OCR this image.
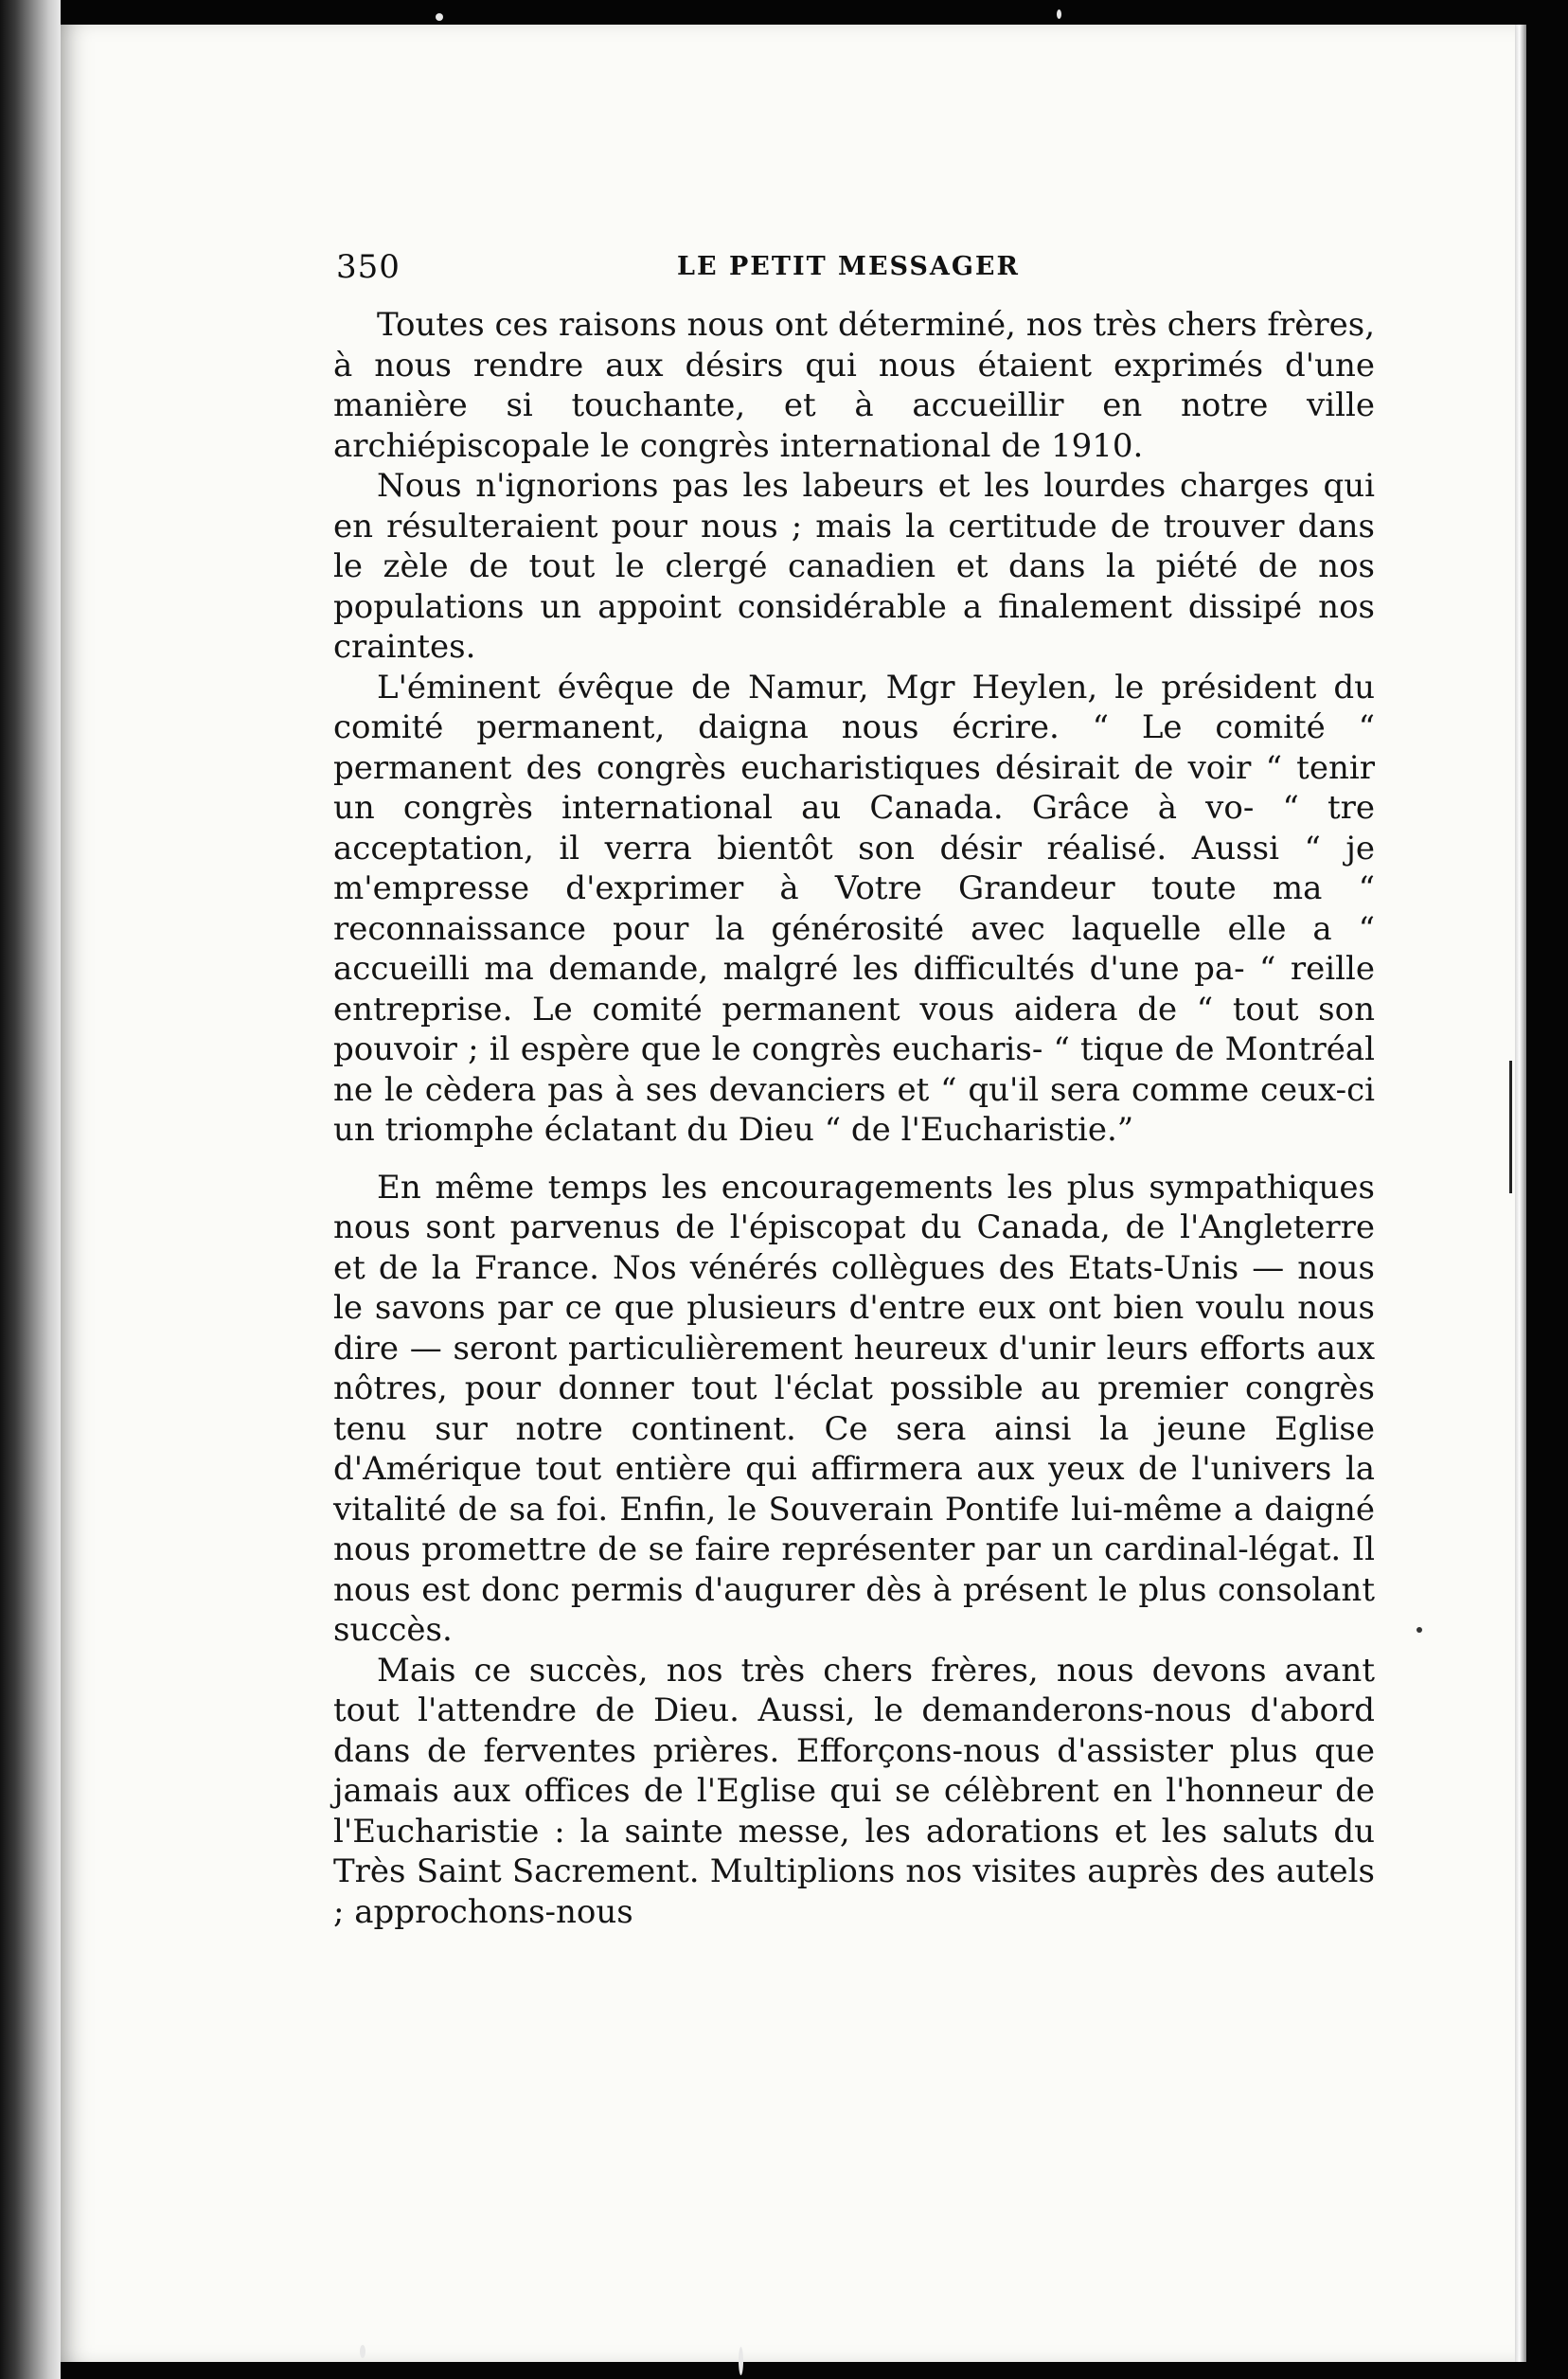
350	LE PETIT MESSAGER

Toutes ces raisons nous ont déterminé, nos très chers frères, à nous rendre aux désirs qui nous étaient exprimés d'une manière si touchante, et à accueillir en notre ville archiépiscopale le congrès international de 1910.

Nous n'ignorions pas les labeurs et les lourdes charges qui en résulteraient pour nous ; mais la certitude de trouver dans le zèle de tout le clergé canadien et dans la piété de nos populations un appoint considérable a finalement dissipé nos craintes.

L'éminent évêque de Namur, Mgr Heylen, le président du comité permanent, daigna nous écrire. “ Le comité “ permanent des congrès eucharistiques désirait de voir “ tenir un congrès international au Canada. Grâce à vo- “ tre acceptation, il verra bientôt son désir réalisé. Aussi “ je m'empresse d'exprimer à Votre Grandeur toute ma “ reconnaissance pour la générosité avec laquelle elle a “ accueilli ma demande, malgré les difficultés d'une pa- “ reille entreprise. Le comité permanent vous aidera de “ tout son pouvoir ; il espère que le congrès eucharis- “ tique de Montréal ne le cèdera pas à ses devanciers et “ qu'il sera comme ceux-ci un triomphe éclatant du Dieu “ de l'Eucharistie.”

En même temps les encouragements les plus sympathiques nous sont parvenus de l'épiscopat du Canada, de l'Angleterre et de la France. Nos vénérés collègues des Etats-Unis — nous le savons par ce que plusieurs d'entre eux ont bien voulu nous dire — seront particulièrement heureux d'unir leurs efforts aux nôtres, pour donner tout l'éclat possible au premier congrès tenu sur notre continent. Ce sera ainsi la jeune Eglise d'Amérique tout entière qui affirmera aux yeux de l'univers la vitalité de sa foi. Enfin, le Souverain Pontife lui-même a daigné nous promettre de se faire représenter par un cardinal-légat. Il nous est donc permis d'augurer dès à présent le plus consolant succès.

Mais ce succès, nos très chers frères, nous devons avant tout l'attendre de Dieu. Aussi, le demanderons-nous d'abord dans de ferventes prières. Efforçons-nous d'assister plus que jamais aux offices de l'Eglise qui se célèbrent en l'honneur de l'Eucharistie : la sainte messe, les adorations et les saluts du Très Saint Sacrement. Multiplions nos visites auprès des autels ; approchons-nous
